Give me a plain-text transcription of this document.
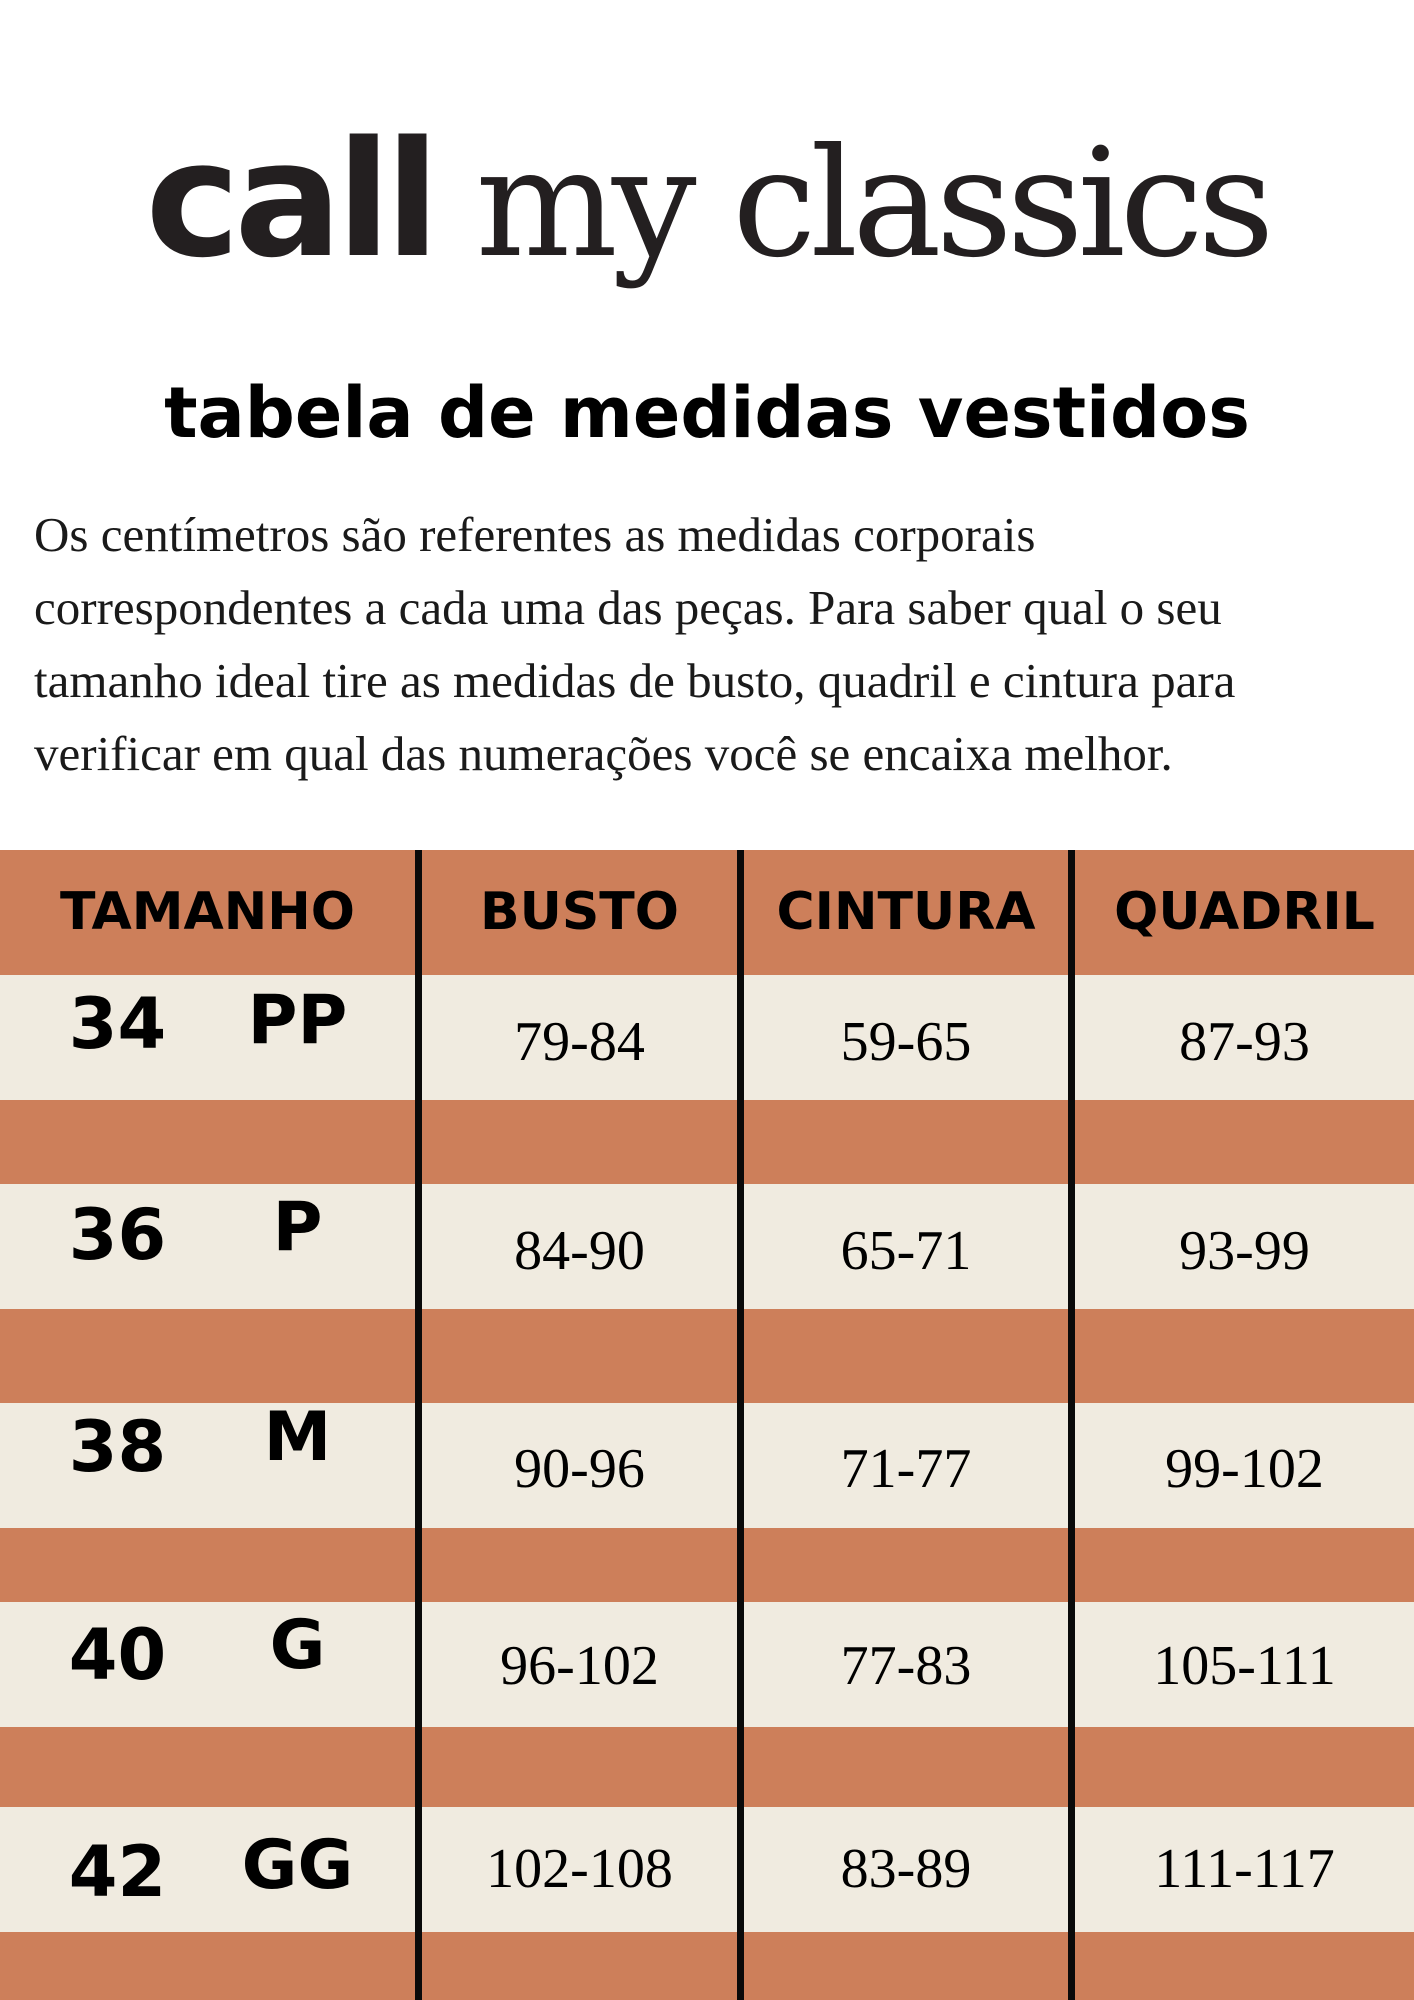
call my classics
tabela de medidas vestidos
Os centímetros são referentes as medidas corporais
correspondentes a cada uma das peças. Para saber qual o seu
tamanho ideal tire as medidas de busto, quadril e cintura para
verificar em qual das numerações você se encaixa melhor.
TAMANHO	BUSTO	CINTURA	QUADRIL
34	PP	79-84	59-65	87-93
36	P	84-90	65-71	93-99
38	M	90-96	71-77	99-102
40	G	96-102	77-83	105-111
42 GG	102-108	83-89	111-117
